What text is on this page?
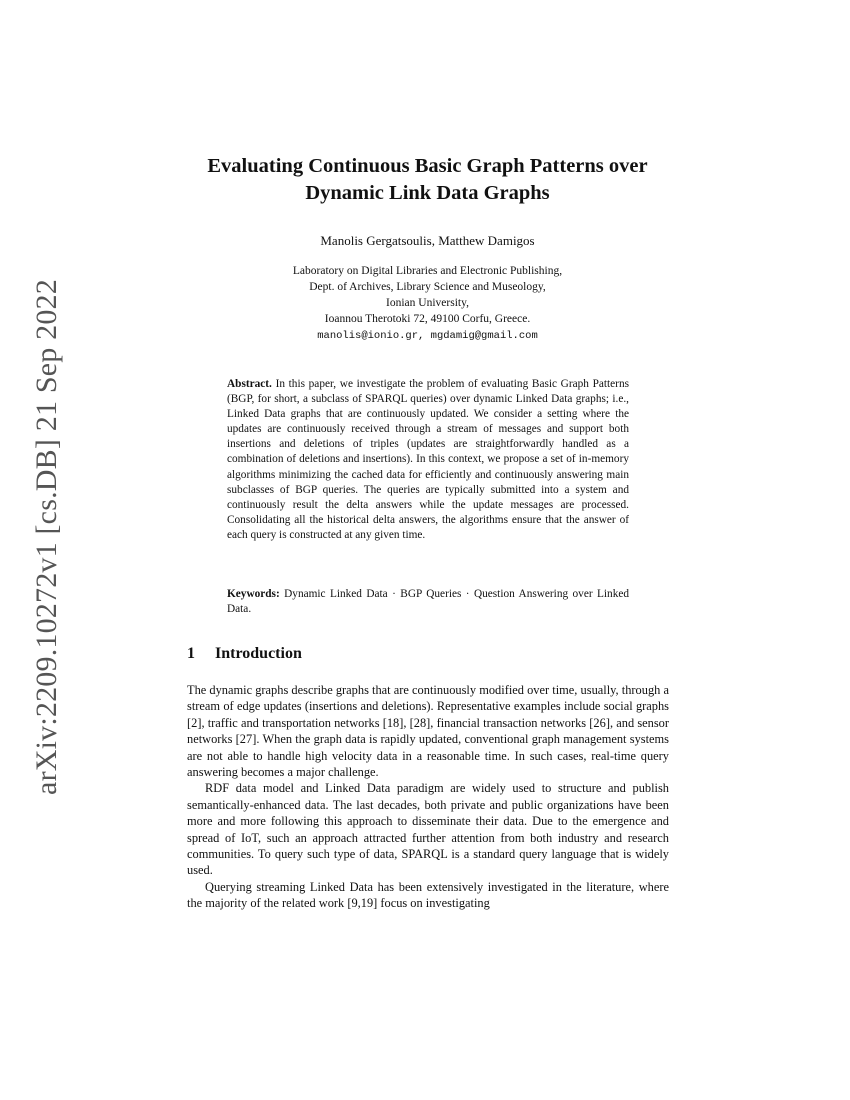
arXiv:2209.10272v1 [cs.DB] 21 Sep 2022
Evaluating Continuous Basic Graph Patterns over
Dynamic Link Data Graphs

Manolis Gergatsoulis, Matthew Damigos

Laboratory on Digital Libraries and Electronic Publishing,
Dept. of Archives, Library Science and Museology,
Ionian University,
Ioannou Therotoki 72, 49100 Corfu, Greece.
manolis@ionio.gr, mgdamig@gmail.com

Abstract. In this paper, we investigate the problem of evaluating Basic Graph Patterns (BGP, for short, a subclass of SPARQL queries) over dynamic Linked Data graphs; i.e., Linked Data graphs that are continuously updated. We consider a setting where the updates are continuously received through a stream of messages and support both insertions and deletions of triples (updates are straightforwardly handled as a combination of deletions and insertions). In this context, we propose a set of in-memory algorithms minimizing the cached data for efficiently and continuously answering main subclasses of BGP queries. The queries are typically submitted into a system and continuously result the delta answers while the update messages are processed. Consolidating all the historical delta answers, the algorithms ensure that the answer of each query is constructed at any given time.

Keywords: Dynamic Linked Data · BGP Queries · Question Answering over Linked Data.

1 Introduction

The dynamic graphs describe graphs that are continuously modified over time, usually, through a stream of edge updates (insertions and deletions). Representative examples include social graphs [2], traffic and transportation networks [18], [28], financial transaction networks [26], and sensor networks [27]. When the graph data is rapidly updated, conventional graph management systems are not able to handle high velocity data in a reasonable time. In such cases, real-time query answering becomes a major challenge.

RDF data model and Linked Data paradigm are widely used to structure and publish semantically-enhanced data. The last decades, both private and public organizations have been more and more following this approach to disseminate their data. Due to the emergence and spread of IoT, such an approach attracted further attention from both industry and research communities. To query such type of data, SPARQL is a standard query language that is widely used.

Querying streaming Linked Data has been extensively investigated in the literature, where the majority of the related work [9,19] focus on investigating
